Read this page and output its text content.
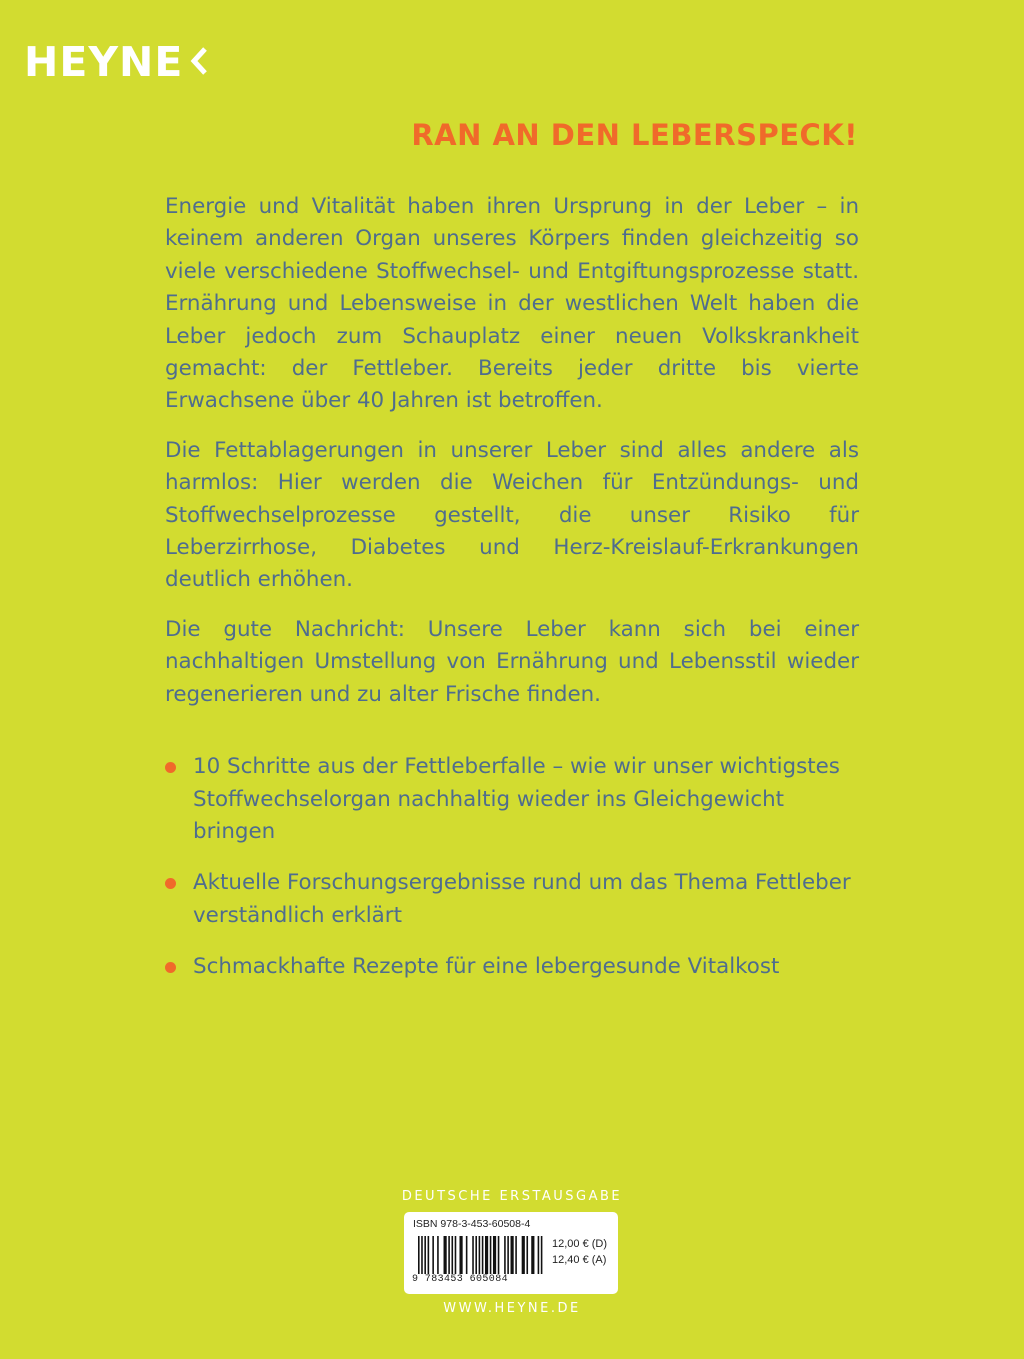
HEYNE
RAN AN DEN LEBERSPECK!

Energie und Vitalität haben ihren Ursprung in der Leber – in keinem anderen Organ unseres Körpers finden gleichzeitig so viele verschiedene Stoffwechsel- und Entgiftungsprozesse statt. Ernährung und Lebensweise in der westlichen Welt haben die Leber jedoch zum Schauplatz einer neuen Volkskrankheit gemacht: der Fettleber. Bereits jeder dritte bis vierte Erwachsene über 40 Jahren ist betroffen.

Die Fettablagerungen in unserer Leber sind alles andere als harmlos: Hier werden die Weichen für Entzündungs- und Stoffwechselprozesse gestellt, die unser Risiko für Leberzirrhose, Diabetes und Herz-Kreislauf-Erkrankungen deutlich erhöhen.

Die gute Nachricht: Unsere Leber kann sich bei einer nachhaltigen Umstellung von Ernährung und Lebensstil wieder regenerieren und zu alter Frische finden.

10 Schritte aus der Fettleberfalle – wie wir unser wichtigstes Stoffwechselorgan nachhaltig wieder ins Gleichgewicht bringen
Aktuelle Forschungsergebnisse rund um das Thema Fettleber verständlich erklärt
Schmackhafte Rezepte für eine lebergesunde Vitalkost
DEUTSCHE ERSTAUSGABE
ISBN 978-3-453-60508-4
9 783453 605084
12,00 € (D)
12,40 € (A)
WWW.HEYNE.DE
